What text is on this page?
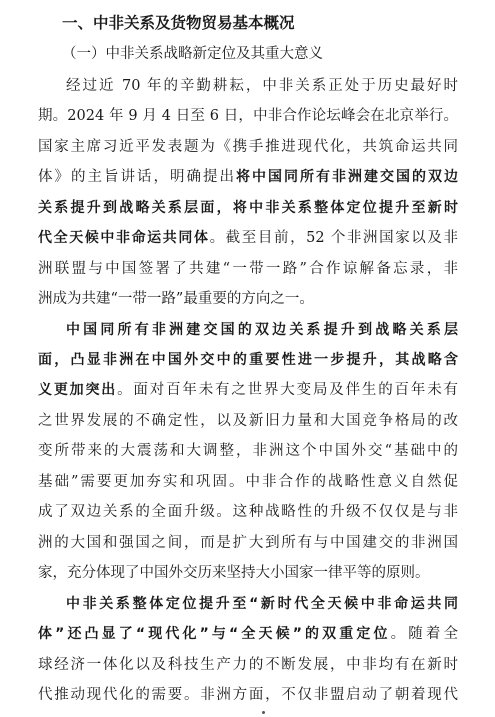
一、中非关系及货物贸易基本概况
（一）中非关系战略新定位及其重大意义
经过近 70 年的辛勤耕耘，中非关系正处于历史最好时
期。2024 年 9 月 4 日至 6 日，中非合作论坛峰会在北京举行。
国家主席习近平发表题为《携手推进现代化，共筑命运共同
体》的主旨讲话，明确提出将中国同所有非洲建交国的双边
关系提升到战略关系层面，将中非关系整体定位提升至新时
代全天候中非命运共同体。截至目前，52 个非洲国家以及非
洲联盟与中国签署了共建“一带一路”合作谅解备忘录，非
洲成为共建“一带一路”最重要的方向之一。
中国同所有非洲建交国的双边关系提升到战略关系层
面，凸显非洲在中国外交中的重要性进一步提升，其战略含
义更加突出。面对百年未有之世界大变局及伴生的百年未有
之世界发展的不确定性，以及新旧力量和大国竞争格局的改
变所带来的大震荡和大调整，非洲这个中国外交“基础中的
基础”需要更加夯实和巩固。中非合作的战略性意义自然促
成了双边关系的全面升级。这种战略性的升级不仅仅是与非
洲的大国和强国之间，而是扩大到所有与中国建交的非洲国
家，充分体现了中国外交历来坚持大小国家一律平等的原则。
中非关系整体定位提升至“新时代全天候中非命运共同
体”还凸显了“现代化”与“全天候”的双重定位。随着全
球经济一体化以及科技生产力的不断发展，中非均有在新时
代推动现代化的需要。非洲方面，不仅非盟启动了朝着现代
